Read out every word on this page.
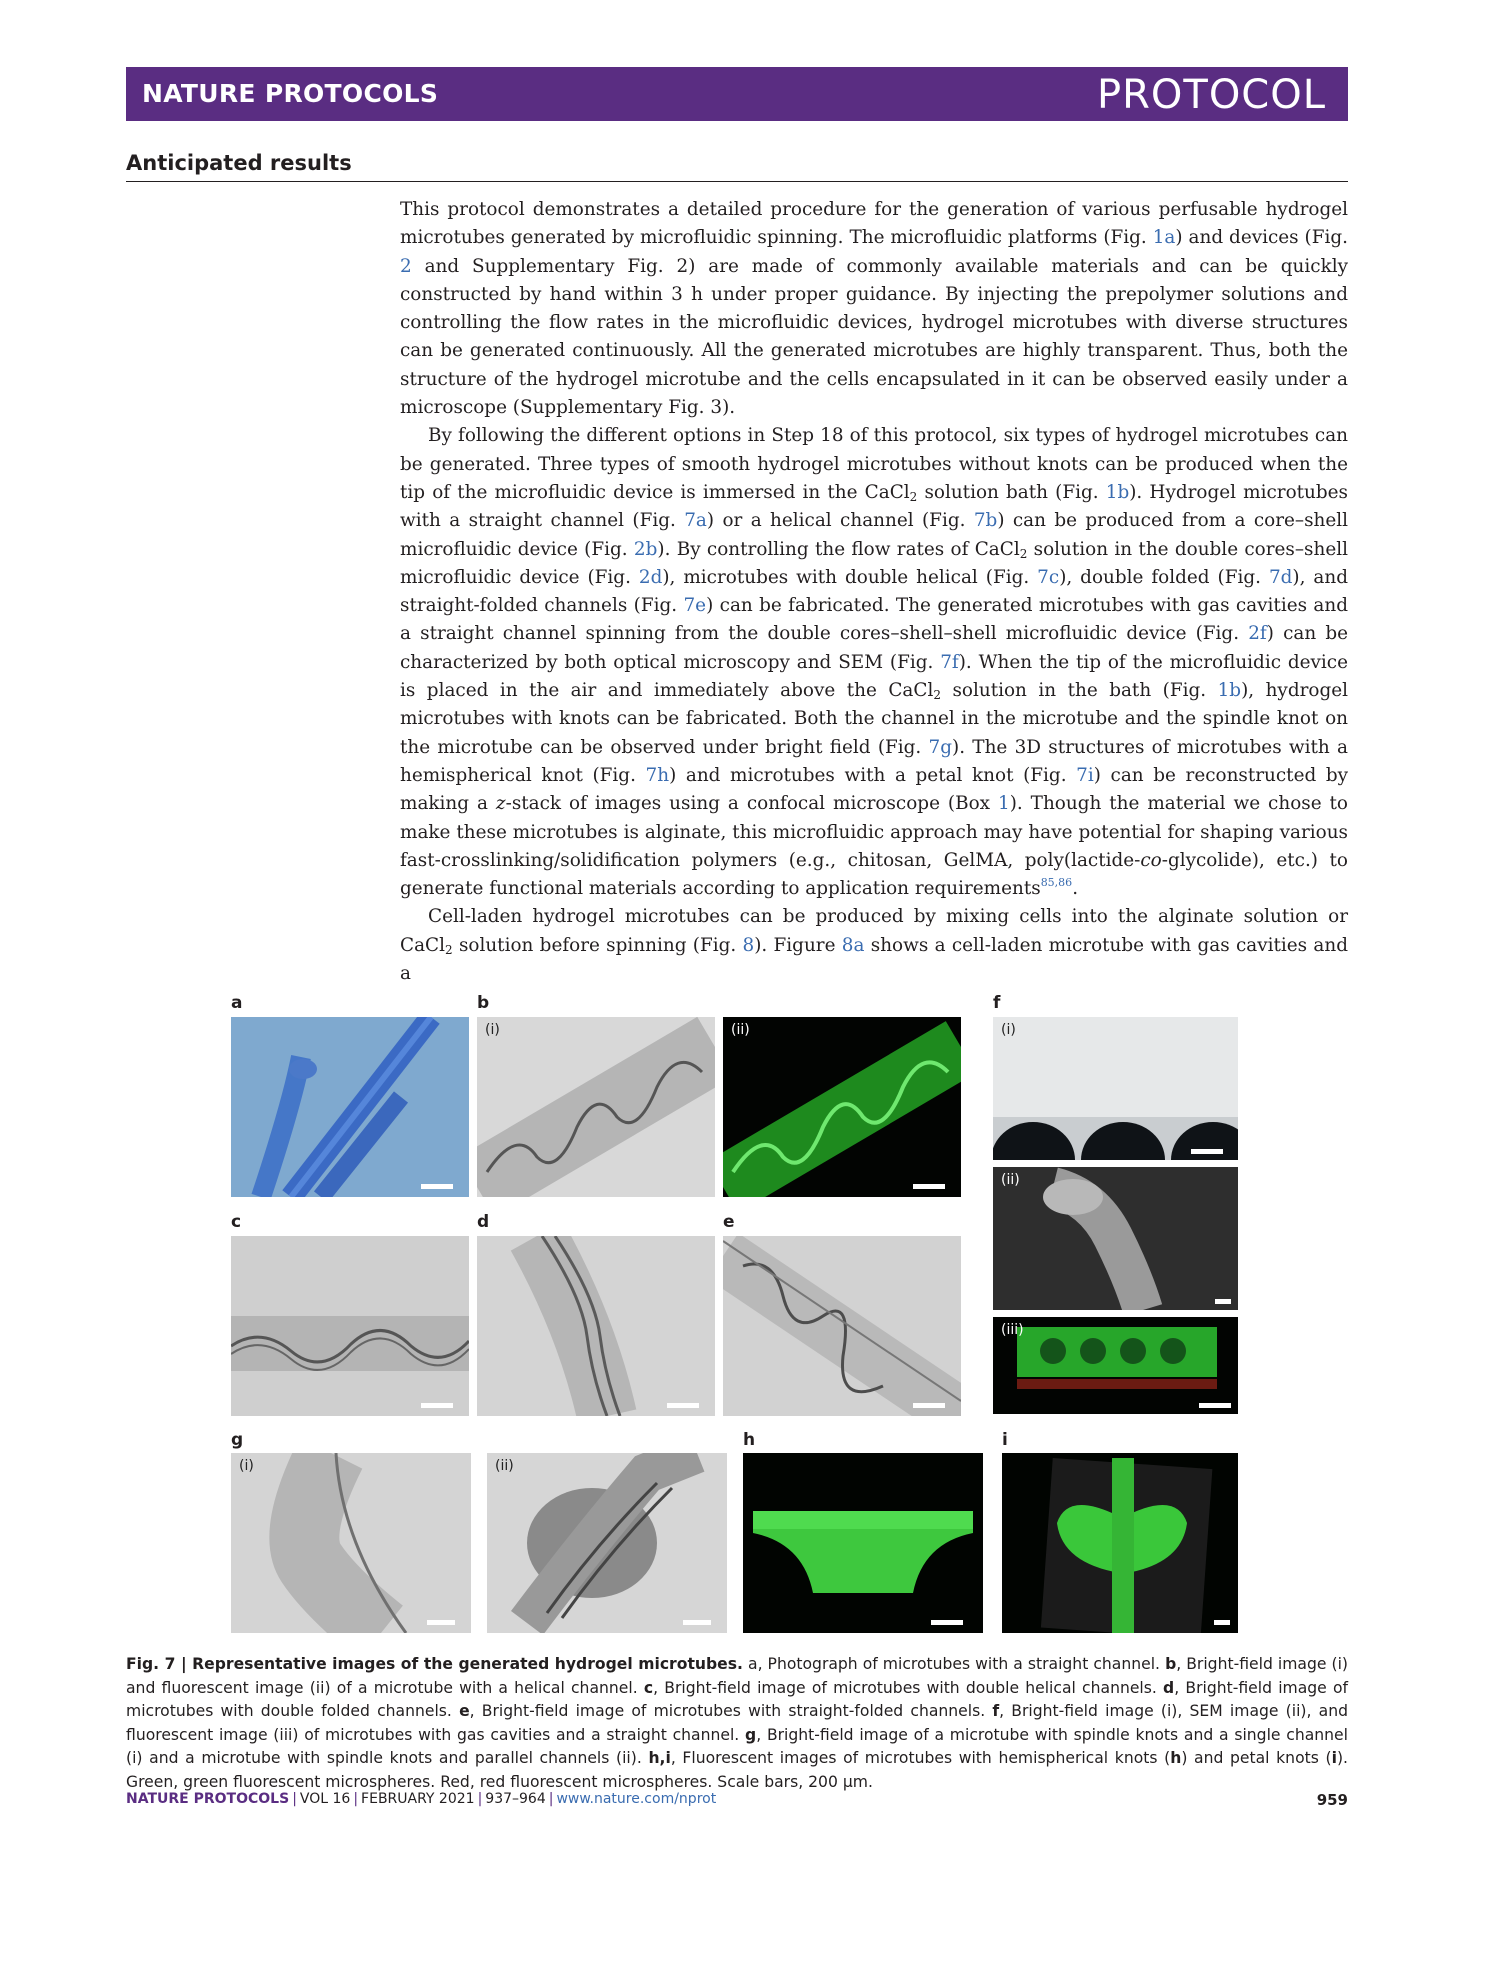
NATURE PROTOCOLS	PROTOCOL
Anticipated results

This protocol demonstrates a detailed procedure for the generation of various perfusable hydrogel microtubes generated by microfluidic spinning. The microfluidic platforms (Fig. 1a) and devices (Fig. 2 and Supplementary Fig. 2) are made of commonly available materials and can be quickly constructed by hand within 3 h under proper guidance. By injecting the prepolymer solutions and controlling the flow rates in the microfluidic devices, hydrogel microtubes with diverse structures can be generated continuously. All the generated microtubes are highly transparent. Thus, both the structure of the hydrogel microtube and the cells encapsulated in it can be observed easily under a microscope (Supplementary Fig. 3).

By following the different options in Step 18 of this protocol, six types of hydrogel microtubes can be generated. Three types of smooth hydrogel microtubes without knots can be produced when the tip of the microfluidic device is immersed in the CaCl$_2$ solution bath (Fig. 1b). Hydrogel microtubes with a straight channel (Fig. 7a) or a helical channel (Fig. 7b) can be produced from a core–shell microfluidic device (Fig. 2b). By controlling the flow rates of CaCl$_2$ solution in the double cores–shell microfluidic device (Fig. 2d), microtubes with double helical (Fig. 7c), double folded (Fig. 7d), and straight-folded channels (Fig. 7e) can be fabricated. The generated microtubes with gas cavities and a straight channel spinning from the double cores–shell–shell microfluidic device (Fig. 2f) can be characterized by both optical microscopy and SEM (Fig. 7f). When the tip of the microfluidic device is placed in the air and immediately above the CaCl$_2$ solution in the bath (Fig. 1b), hydrogel microtubes with knots can be fabricated. Both the channel in the microtube and the spindle knot on the microtube can be observed under bright field (Fig. 7g). The 3D structures of microtubes with a hemispherical knot (Fig. 7h) and microtubes with a petal knot (Fig. 7i) can be reconstructed by making a z-stack of images using a confocal microscope (Box 1). Though the material we chose to make these microtubes is alginate, this microfluidic approach may have potential for shaping various fast-crosslinking/solidification polymers (e.g., chitosan, GelMA, poly(lactide-co-glycolide), etc.) to generate functional materials according to application requirements$^{85,86}$.

Cell-laden hydrogel microtubes can be produced by mixing cells into the alginate solution or CaCl$_2$ solution before spinning (Fig. 8). Figure 8a shows a cell-laden microtube with gas cavities and a

a	b	f
(i)	(ii)	(i)
(ii)
c	d	e
(iii)
g	h	i
(i)	(ii)
Fig. 7 | Representative images of the generated hydrogel microtubes. a, Photograph of microtubes with a straight channel. b, Bright-field image (i) and fluorescent image (ii) of a microtube with a helical channel. c, Bright-field image of microtubes with double helical channels. d, Bright-field image of microtubes with double folded channels. e, Bright-field image of microtubes with straight-folded channels. f, Bright-field image (i), SEM image (ii), and fluorescent image (iii) of microtubes with gas cavities and a straight channel. g, Bright-field image of a microtube with spindle knots and a single channel (i) and a microtube with spindle knots and parallel channels (ii). h,i, Fluorescent images of microtubes with hemispherical knots (h) and petal knots (i). Green, green fluorescent microspheres. Red, red fluorescent microspheres. Scale bars, 200 μm.
NATURE PROTOCOLS | VOL 16 | FEBRUARY 2021 | 937–964 | www.nature.com/nprot	959
